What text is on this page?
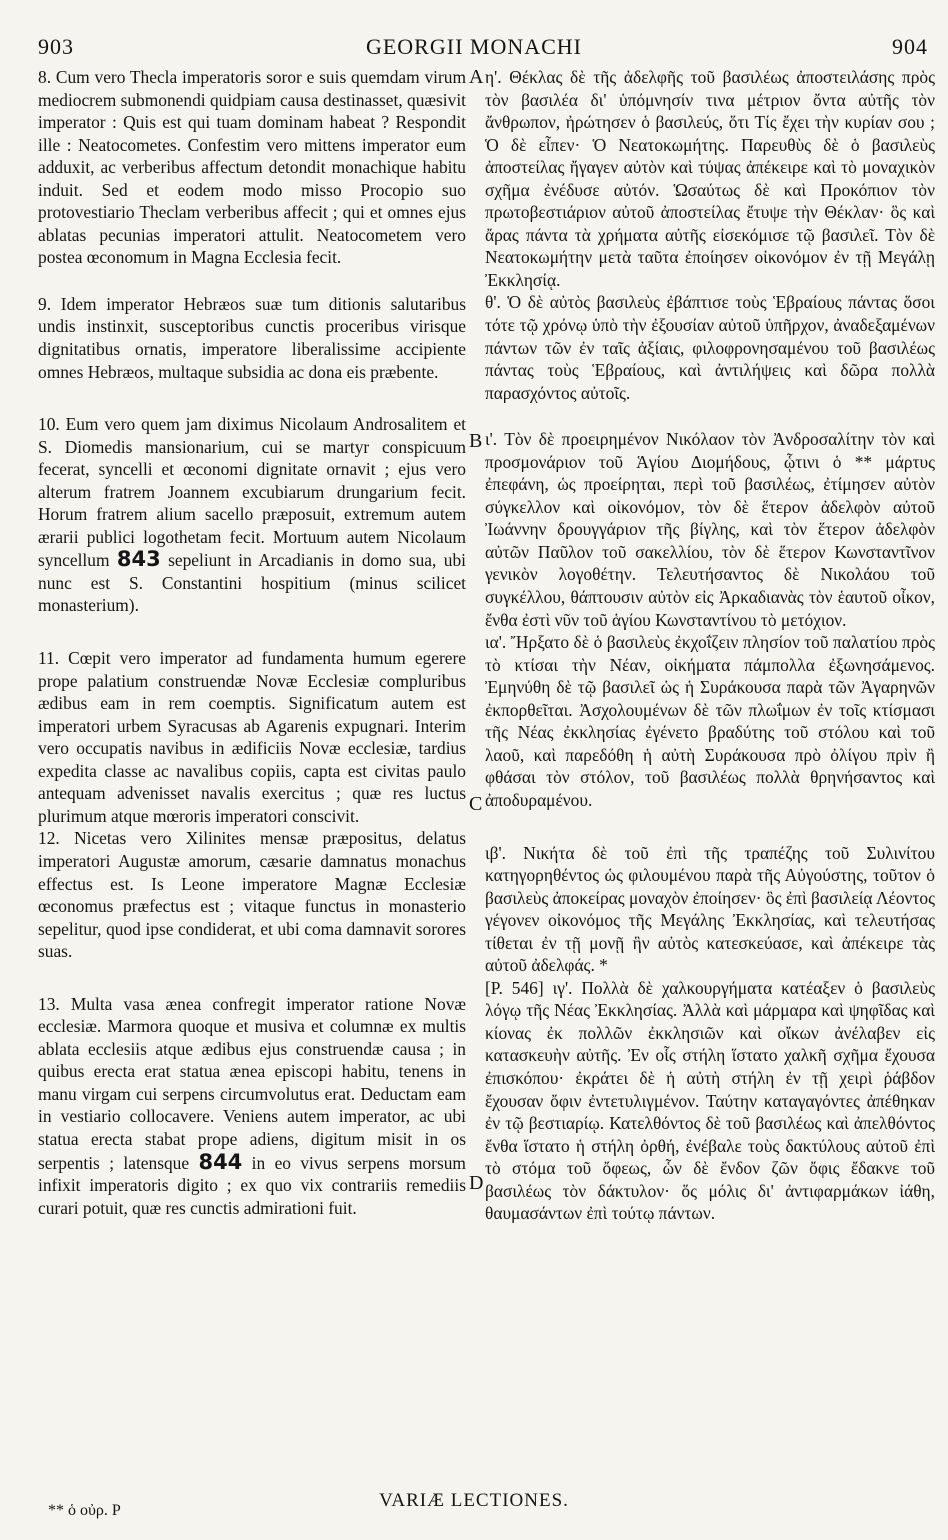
903	GEORGII MONACHI	904

8. Cum vero Thecla imperatoris soror e suis quemdam virum mediocrem submonendi quidpiam causa destinasset, quæsivit imperator : Quis est qui tuam dominam habeat ? Respondit ille : Neatocometes. Confestim vero mittens imperator eum adduxit, ac verberibus affectum detondit monachique habitu induit. Sed et eodem modo misso Procopio suo protovestiario Theclam verberibus affecit ; qui et omnes ejus ablatas pecunias imperatori attulit. Neatocometem vero postea œconomum in Magna Ecclesia fecit.

9. Idem imperator Hebræos suæ tum ditionis salutaribus undis instinxit, susceptoribus cunctis proceribus virisque dignitatibus ornatis, imperatore liberalissime accipiente omnes Hebræos, multaque subsidia ac dona eis præbente.

10. Eum vero quem jam diximus Nicolaum Androsalitem et S. Diomedis mansionarium, cui se martyr conspicuum fecerat, syncelli et œconomi dignitate ornavit ; ejus vero alterum fratrem Joannem excubiarum drungarium fecit. Horum fratrem alium sacello præposuit, extremum autem ærarii publici logothetam fecit. Mortuum autem Nicolaum syncellum 843 sepeliunt in Arcadianis in domo sua, ubi nunc est S. Constantini hospitium (minus scilicet monasterium).

11. Cœpit vero imperator ad fundamenta humum egerere prope palatium construendæ Novæ Ecclesiæ compluribus ædibus eam in rem coemptis. Significatum autem est imperatori urbem Syracusas ab Agarenis expugnari. Interim vero occupatis navibus in ædificiis Novæ ecclesiæ, tardius expedita classe ac navalibus copiis, capta est civitas paulo antequam advenisset navalis exercitus ; quæ res luctus plurimum atque mœroris imperatori conscivit.

12. Nicetas vero Xilinites mensæ præpositus, delatus imperatori Augustæ amorum, cæsarie damnatus monachus effectus est. Is Leone imperatore Magnæ Ecclesiæ œconomus præfectus est ; vitaque functus in monasterio sepelitur, quod ipse condiderat, et ubi coma damnavit sorores suas.

13. Multa vasa ænea confregit imperator ratione Novæ ecclesiæ. Marmora quoque et musiva et columnæ ex multis ablata ecclesiis atque ædibus ejus construendæ causa ; in quibus erecta erat statua ænea episcopi habitu, tenens in manu virgam cui serpens circumvolutus erat. Deductam eam in vestiario collocavere. Veniens autem imperator, ac ubi statua erecta stabat prope adiens, digitum misit in os serpentis ; latensque 844 in eo vivus serpens morsum infixit imperatoris digito ; ex quo vix contrariis remediis curari potuit, quæ res cunctis admirationi fuit.

A
B
C
D

η'. Θέκλας δὲ τῆς ἀδελφῆς τοῦ βασιλέως ἀποστειλάσης πρὸς τὸν βασιλέα δι' ὑπόμνησίν τινα μέτριον ὄντα αὐτῆς τὸν ἄνθρωπον, ἠρώτησεν ὁ βασιλεύς, ὅτι Τίς ἔχει τὴν κυρίαν σου ; Ὁ δὲ εἶπεν· Ὁ Νεατοκωμήτης. Παρευθὺς δὲ ὁ βασιλεὺς ἀποστείλας ἤγαγεν αὐτὸν καὶ τύψας ἀπέκειρε καὶ τὸ μοναχικὸν σχῆμα ἐνέδυσε αὐτόν. Ὡσαύτως δὲ καὶ Προκόπιον τὸν πρωτοβεστιάριον αὐτοῦ ἀποστείλας ἔτυψε τὴν Θέκλαν· ὃς καὶ ἄρας πάντα τὰ χρήματα αὐτῆς εἰσεκόμισε τῷ βασιλεῖ. Τὸν δὲ Νεατοκωμήτην μετὰ ταῦτα ἐποίησεν οἰκονόμον ἐν τῇ Μεγάλῃ Ἐκκλησίᾳ.

θ'. Ὁ δὲ αὐτὸς βασιλεὺς ἐβάπτισε τοὺς Ἑβραίους πάντας ὅσοι τότε τῷ χρόνῳ ὑπὸ τὴν ἐξουσίαν αὐτοῦ ὑπῆρχον, ἀναδεξαμένων πάντων τῶν ἐν ταῖς ἀξίαις, φιλοφρονησαμένου τοῦ βασιλέως πάντας τοὺς Ἑβραίους, καὶ ἀντιλήψεις καὶ δῶρα πολλὰ παρασχόντος αὐτοῖς.

ι'. Τὸν δὲ προειρημένον Νικόλαον τὸν Ἀνδροσαλίτην τὸν καὶ προσμονάριον τοῦ Ἁγίου Διομήδους, ᾧτινι ὁ ** μάρτυς ἐπεφάνη, ὡς προείρηται, περὶ τοῦ βασιλέως, ἐτίμησεν αὐτὸν σύγκελλον καὶ οἰκονόμον, τὸν δὲ ἕτερον ἀδελφὸν αὐτοῦ Ἰωάννην δρουγγάριον τῆς βίγλης, καὶ τὸν ἕτερον ἀδελφὸν αὐτῶν Παῦλον τοῦ σακελλίου, τὸν δὲ ἕτερον Κωνσταντῖνον γενικὸν λογοθέτην. Τελευτήσαντος δὲ Νικολάου τοῦ συγκέλλου, θάπτουσιν αὐτὸν εἰς Ἀρκαδιανὰς τὸν ἑαυτοῦ οἶκον, ἔνθα ἐστὶ νῦν τοῦ ἁγίου Κωνσταντίνου τὸ μετόχιον.

ια'. Ἤρξατο δὲ ὁ βασιλεὺς ἐκχοΐζειν πλησίον τοῦ παλατίου πρὸς τὸ κτίσαι τὴν Νέαν, οἰκήματα πάμπολλα ἐξωνησάμενος. Ἐμηνύθη δὲ τῷ βασιλεῖ ὡς ἡ Συράκουσα παρὰ τῶν Ἀγαρηνῶν ἐκπορθεῖται. Ἀσχολουμένων δὲ τῶν πλωΐμων ἐν τοῖς κτίσμασι τῆς Νέας ἐκκλησίας ἐγένετο βραδύτης τοῦ στόλου καὶ τοῦ λαοῦ, καὶ παρεδόθη ἡ αὐτὴ Συράκουσα πρὸ ὀλίγου πρὶν ἢ φθάσαι τὸν στόλον, τοῦ βασιλέως πολλὰ θρηνήσαντος καὶ ἀποδυραμένου.

ιβ'. Νικήτα δὲ τοῦ ἐπὶ τῆς τραπέζης τοῦ Συλινίτου κατηγορηθέντος ὡς φιλουμένου παρὰ τῆς Αὐγούστης, τοῦτον ὁ βασιλεὺς ἀποκείρας μοναχὸν ἐποίησεν· ὃς ἐπὶ βασιλείᾳ Λέοντος γέγονεν οἰκονόμος τῆς Μεγάλης Ἐκκλησίας, καὶ τελευτήσας τίθεται ἐν τῇ μονῇ ἣν αὐτὸς κατεσκεύασε, καὶ ἀπέκειρε τὰς αὐτοῦ ἀδελφάς. *

[P. 546] ιγ'. Πολλὰ δὲ χαλκουργήματα κατέαξεν ὁ βασιλεὺς λόγῳ τῆς Νέας Ἐκκλησίας. Ἀλλὰ καὶ μάρμαρα καὶ ψηφῖδας καὶ κίονας ἐκ πολλῶν ἐκκλησιῶν καὶ οἴκων ἀνέλαβεν εἰς κατασκευὴν αὐτῆς. Ἐν οἷς στήλη ἵστατο χαλκῆ σχῆμα ἔχουσα ἐπισκόπου· ἐκράτει δὲ ἡ αὐτὴ στήλη ἐν τῇ χειρὶ ῥάβδον ἔχουσαν ὄφιν ἐντετυλιγμένον. Ταύτην καταγαγόντες ἀπέθηκαν ἐν τῷ βεστιαρίῳ. Κατελθόντος δὲ τοῦ βασιλέως καὶ ἀπελθόντος ἔνθα ἵστατο ἡ στήλη ὀρθή, ἐνέβαλε τοὺς δακτύλους αὐτοῦ ἐπὶ τὸ στόμα τοῦ ὄφεως, ὧν δὲ ἔνδον ζῶν ὄφις ἔδακνε τοῦ βασιλέως τὸν δάκτυλον· ὅς μόλις δι' ἀντιφαρμάκων ἰάθη, θαυμασάντων ἐπὶ τούτῳ πάντων.

VARIÆ LECTIONES.
** ὁ οὐρ. P
